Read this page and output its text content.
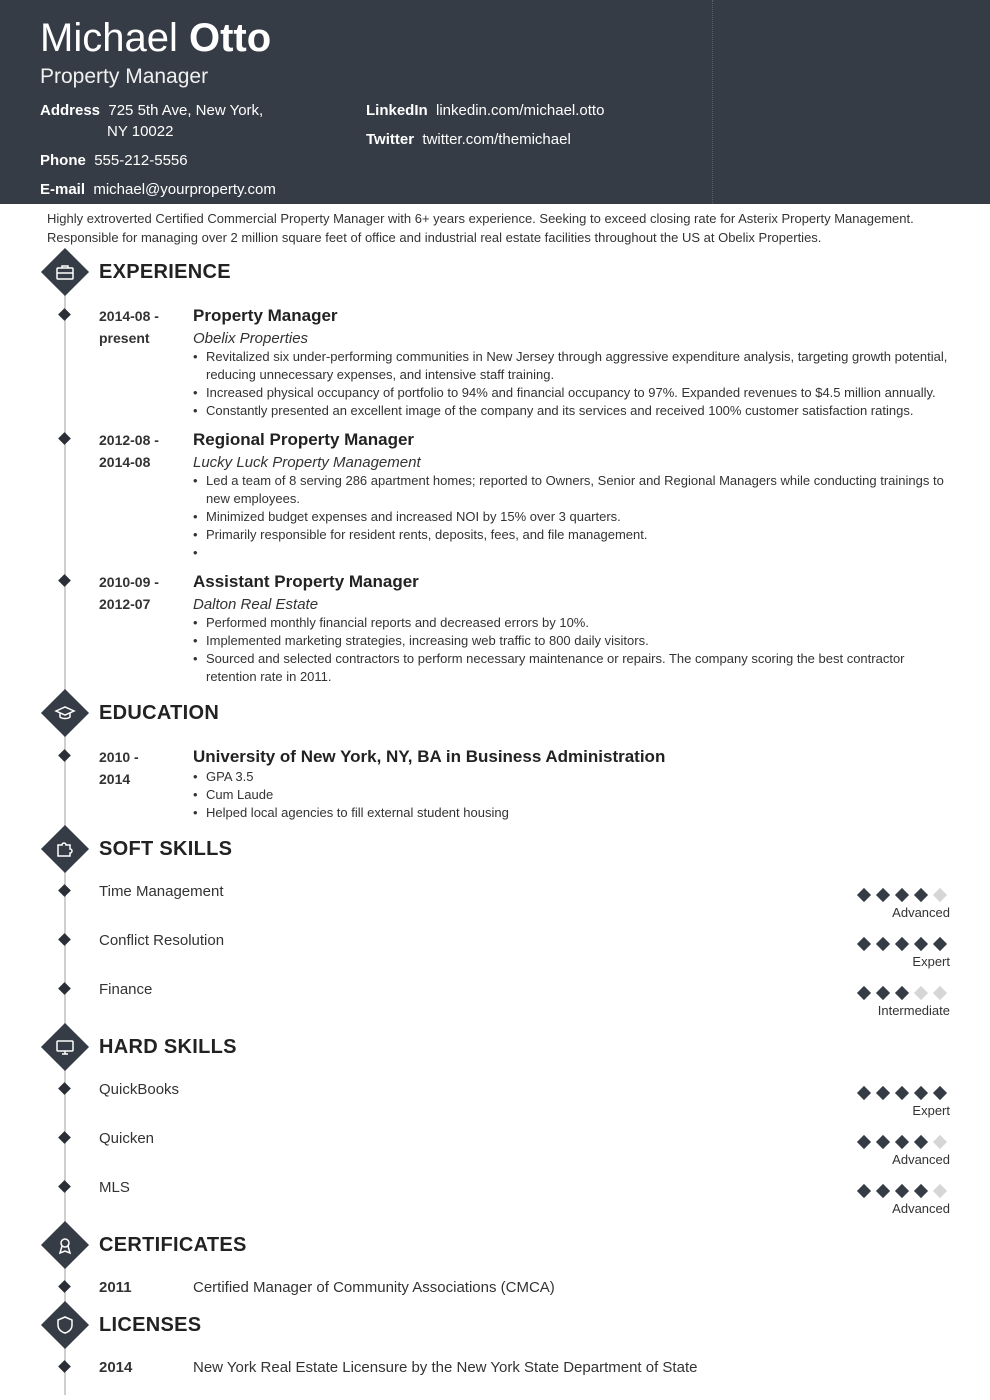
Michael Otto
Property Manager
Address 725 5th Ave, New York,
NY 10022
Phone 555-212-5556
E-mail michael@yourproperty.com
LinkedIn linkedin.com/michael.otto
Twitter twitter.com/themichael
Highly extroverted Certified Commercial Property Manager with 6+ years experience. Seeking to exceed closing rate for Asterix Property Management. Responsible for managing over 2 million square feet of office and industrial real estate facilities throughout the US at Obelix Properties.
EXPERIENCE
2014-08 -
present
Property Manager
Obelix Properties
• Revitalized six under-performing communities in New Jersey through aggressive expenditure analysis, targeting growth potential, reducing unnecessary expenses, and intensive staff training.
• Increased physical occupancy of portfolio to 94% and financial occupancy to 97%. Expanded revenues to $4.5 million annually.
• Constantly presented an excellent image of the company and its services and received 100% customer satisfaction ratings.
2012-08 -
2014-08
Regional Property Manager
Lucky Luck Property Management
• Led a team of 8 serving 286 apartment homes; reported to Owners, Senior and Regional Managers while conducting trainings to new employees.
• Minimized budget expenses and increased NOI by 15% over 3 quarters.
• Primarily responsible for resident rents, deposits, fees, and file management.
•
2010-09 -
2012-07
Assistant Property Manager
Dalton Real Estate
• Performed monthly financial reports and decreased errors by 10%.
• Implemented marketing strategies, increasing web traffic to 800 daily visitors.
• Sourced and selected contractors to perform necessary maintenance or repairs. The company scoring the best contractor retention rate in 2011.
EDUCATION
2010 -
2014
University of New York, NY, BA in Business Administration
• GPA 3.5
• Cum Laude
• Helped local agencies to fill external student housing
SOFT SKILLS
Time Management
Advanced
Conflict Resolution
Expert
Finance
Intermediate
HARD SKILLS
QuickBooks
Expert
Quicken
Advanced
MLS
Advanced
CERTIFICATES
2011	Certified Manager of Community Associations (CMCA)
LICENSES
2014	New York Real Estate Licensure by the New York State Department of State
